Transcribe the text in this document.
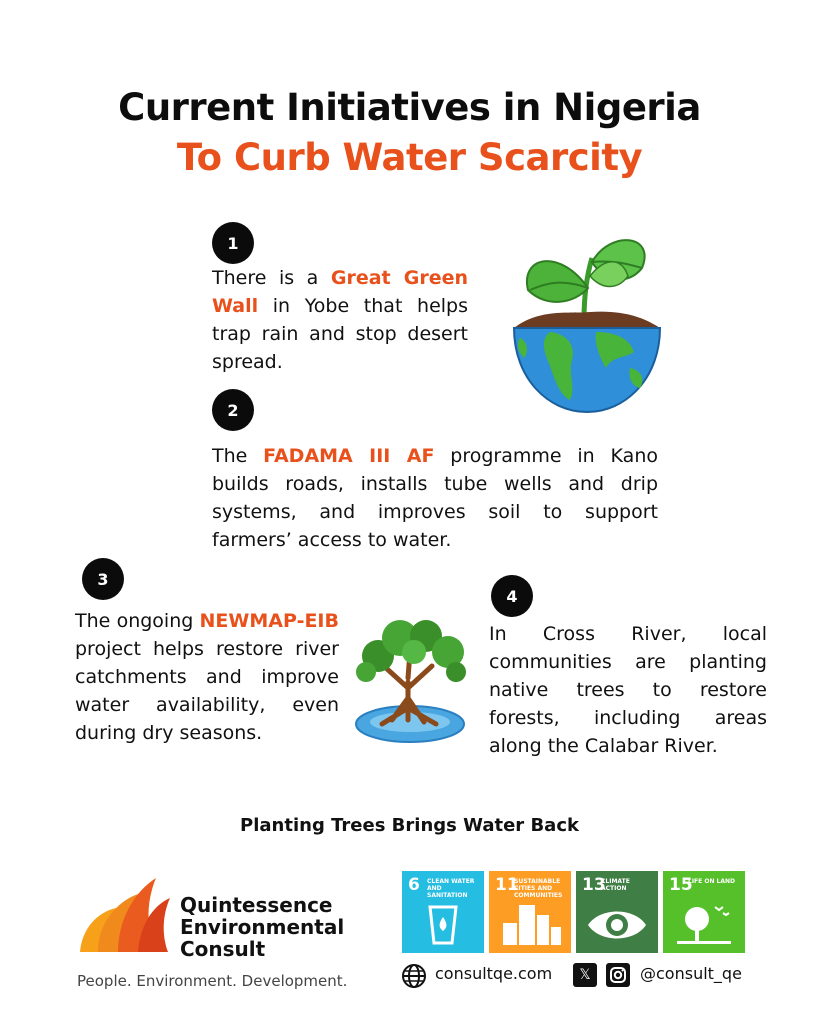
Current Initiatives in Nigeria
To Curb Water Scarcity
1
There is a Great Green Wall in Yobe that helps trap rain and stop desert spread.
2
The FADAMA III AF programme in Kano builds roads, installs tube wells and drip systems, and improves soil to support farmers’ access to water.
3
The ongoing NEWMAP-EIB project helps restore river catchments and improve water availability, even during dry seasons.
4
In Cross River, local communities are planting native trees to restore forests, including areas along the Calabar River.
Planting Trees Brings Water Back
Quintessence
Environmental
Consult
People. Environment. Development.
6 CLEAN WATER AND SANITATION
11
SUSTAINABLE CITIES AND COMMUNITIES
13
CLIMATE ACTION	15
LIFE ON LAND
consultqe.com	𝕏	@consult_qe
